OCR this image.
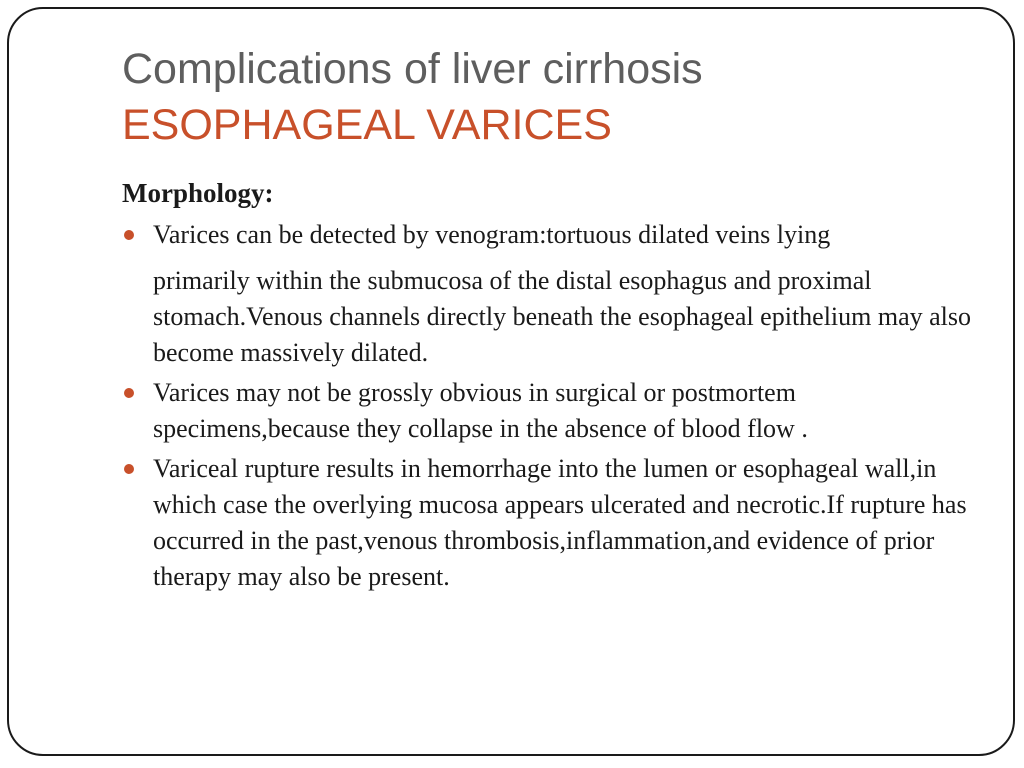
Complications of liver cirrhosis
ESOPHAGEAL VARICES
Morphology:
Varices can be detected by venogram:tortuous dilated veins lying
primarily within the submucosa of the distal esophagus and proximal stomach.Venous channels directly beneath the esophageal epithelium may also become massively dilated.
Varices may not be grossly obvious in surgical or postmortem specimens,because they collapse in the absence of blood flow .
Variceal rupture results in hemorrhage into the lumen or esophageal wall,in which case the overlying mucosa appears ulcerated and necrotic.If rupture has occurred in the past,venous thrombosis,inflammation,and evidence of prior therapy may also be present.
